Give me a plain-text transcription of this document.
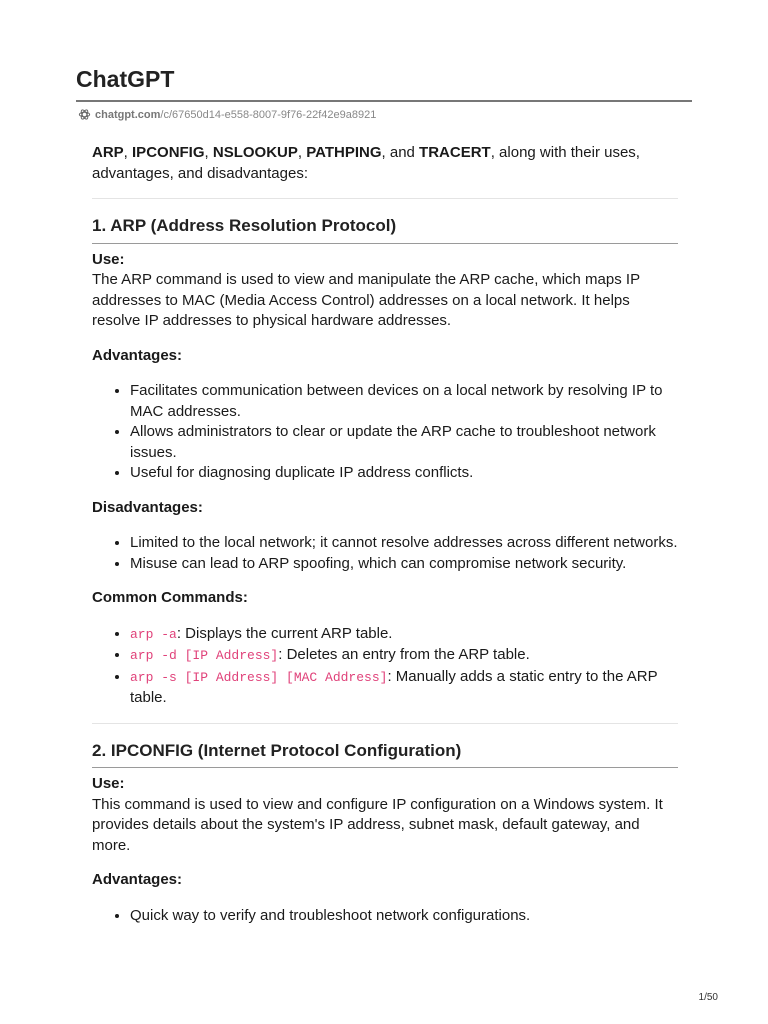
ChatGPT
chatgpt.com /c/67650d14-e558-8007-9f76-22f42e9a8921

ARP, IPCONFIG, NSLOOKUP, PATHPING, and TRACERT, along with their uses, advantages, and disadvantages:

1. ARP (Address Resolution Protocol)

Use:

The ARP command is used to view and manipulate the ARP cache, which maps IP addresses to MAC (Media Access Control) addresses on a local network. It helps resolve IP addresses to physical hardware addresses.

Advantages:

• Facilitates communication between devices on a local network by resolving IP to MAC addresses.
• Allows administrators to clear or update the ARP cache to troubleshoot network issues.
• Useful for diagnosing duplicate IP address conflicts.

Disadvantages:

• Limited to the local network; it cannot resolve addresses across different networks.
• Misuse can lead to ARP spoofing, which can compromise network security.

Common Commands:

• arp -a: Displays the current ARP table.
• arp -d [IP Address]: Deletes an entry from the ARP table.
• arp -s [IP Address] [MAC Address]: Manually adds a static entry to the ARP table.
2. IPCONFIG (Internet Protocol Configuration)

Use:

This command is used to view and configure IP configuration on a Windows system. It provides details about the system's IP address, subnet mask, default gateway, and more.

Advantages:

• Quick way to verify and troubleshoot network configurations.
1/50
